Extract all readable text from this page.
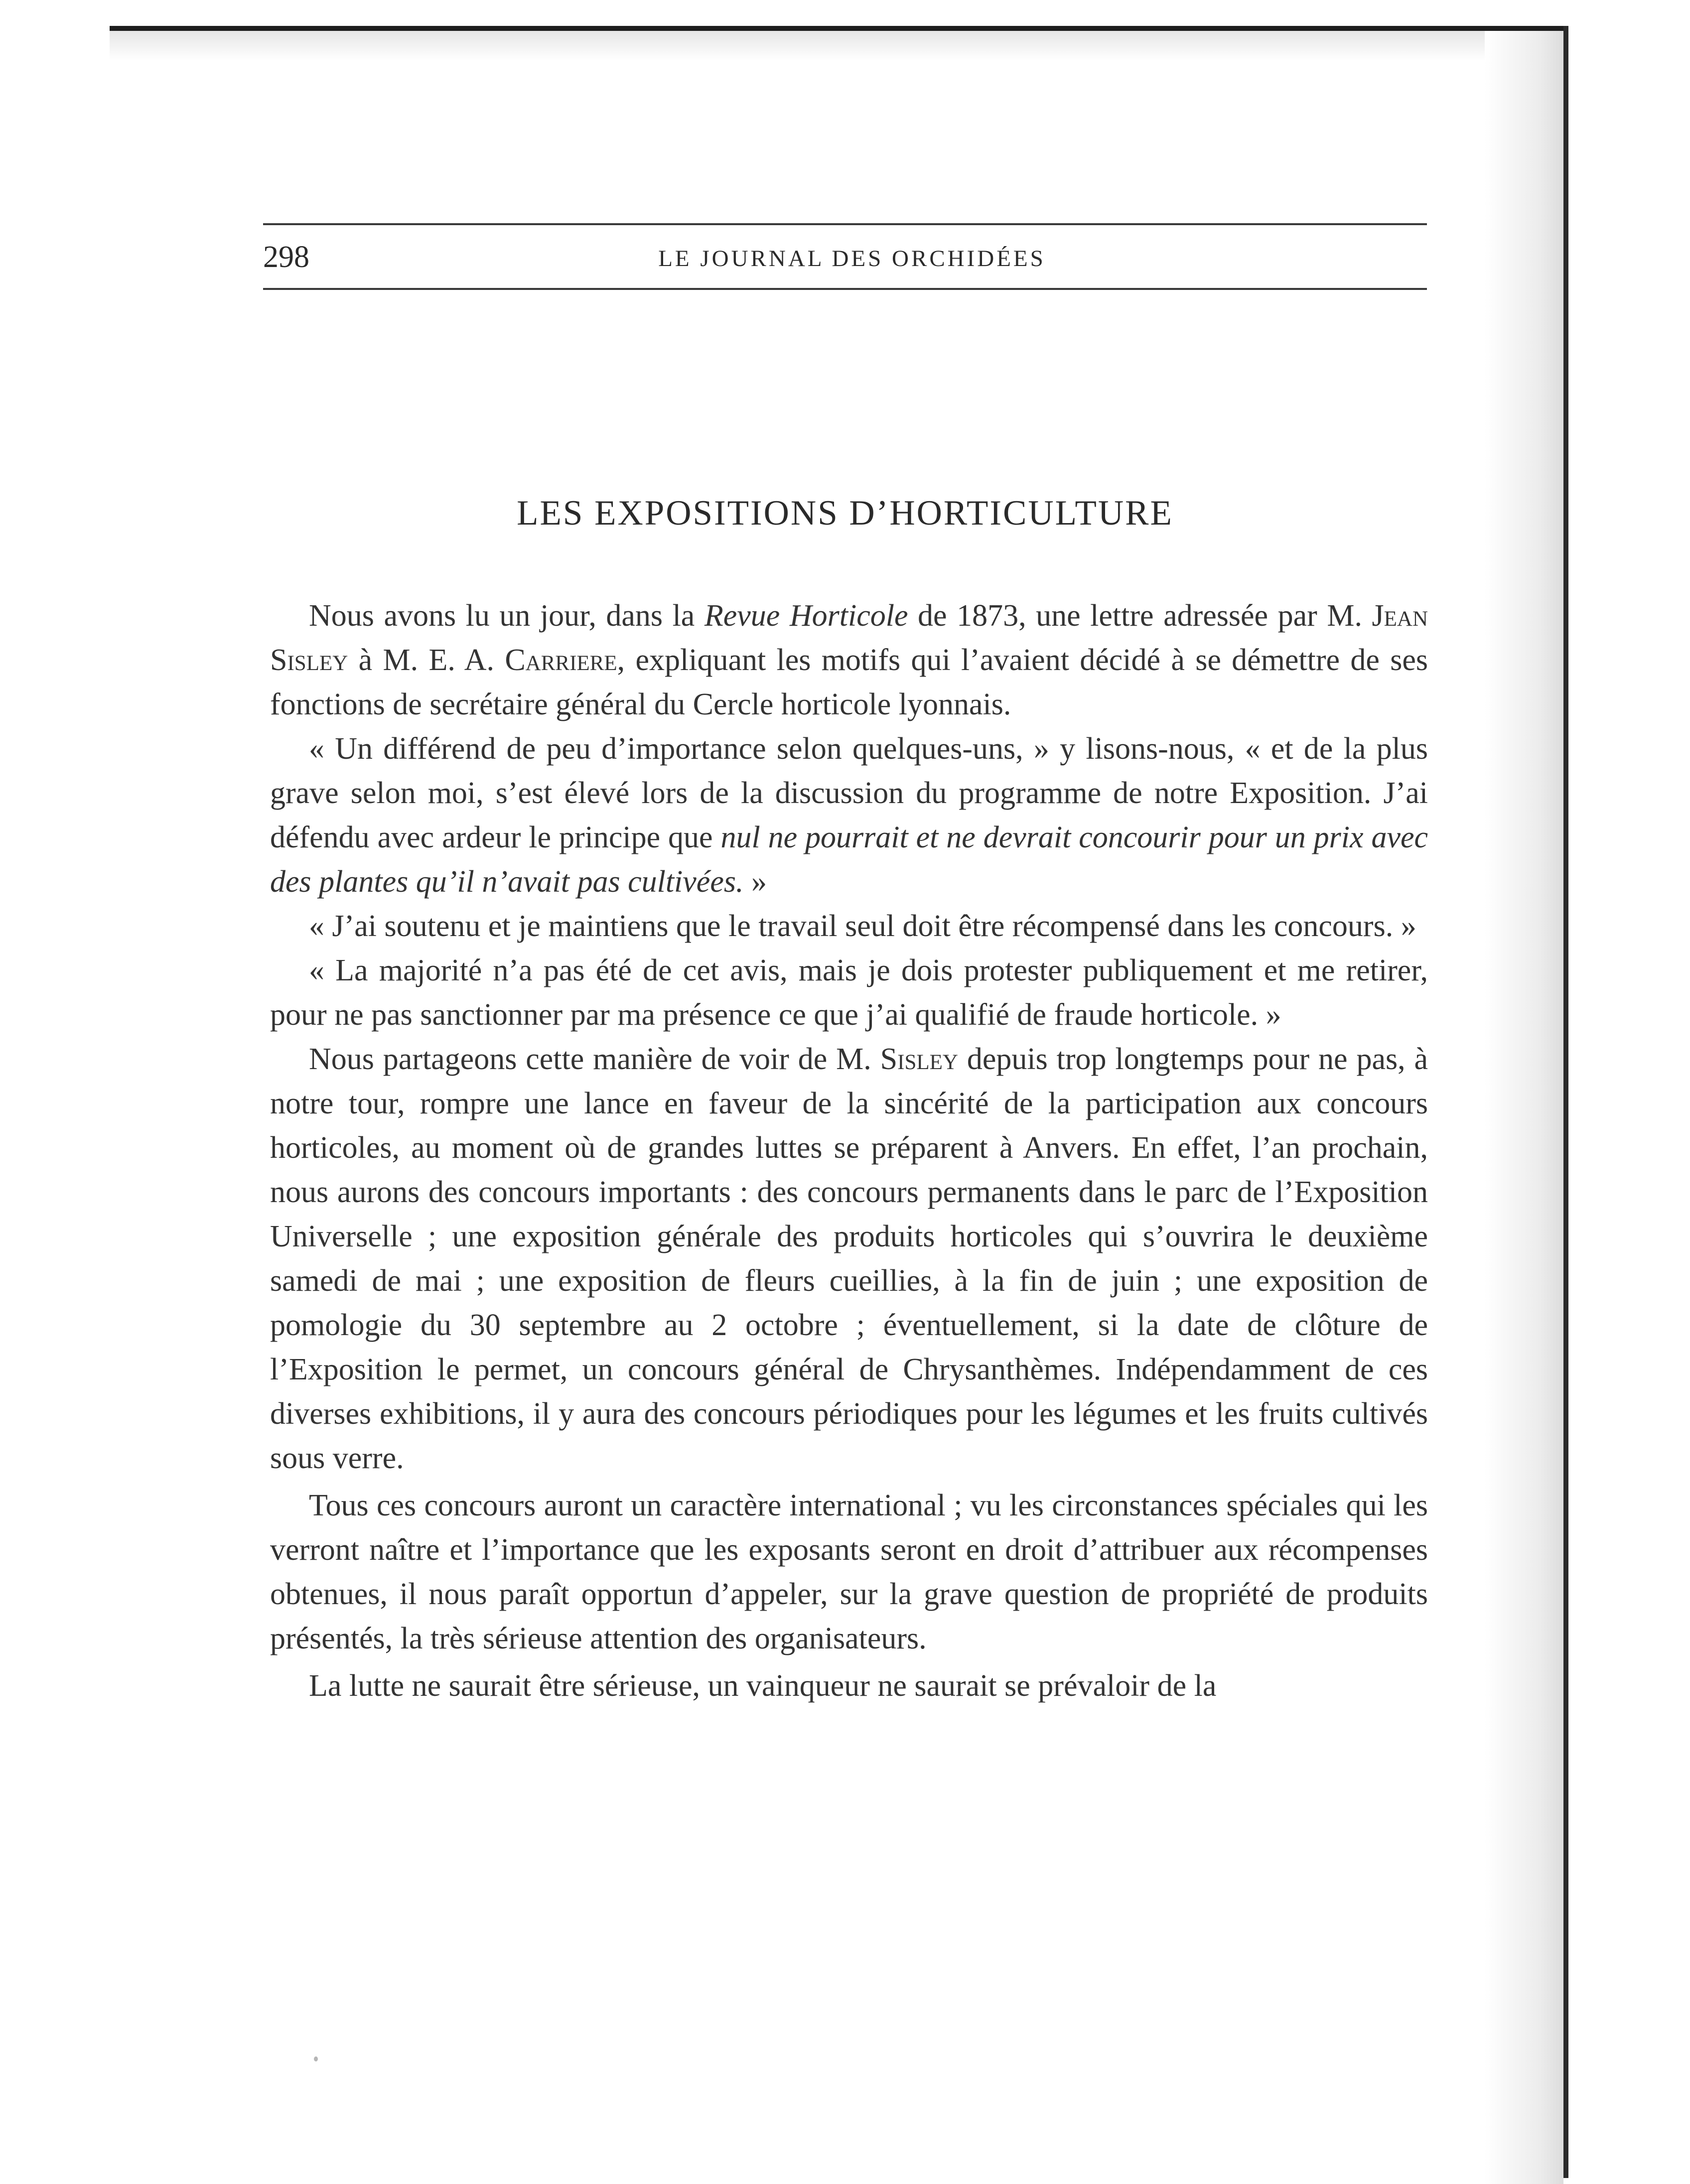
298	LE JOURNAL DES ORCHIDÉES
LES EXPOSITIONS D’HORTICULTURE

Nous avons lu un jour, dans la Revue Horticole de 1873, une lettre adressée par M. Jean Sisley à M. E. A. Carriere, expliquant les motifs qui l’avaient décidé à se démettre de ses fonctions de secrétaire général du Cercle horticole lyonnais.

« Un différend de peu d’importance selon quelques-uns, » y lisons-nous, « et de la plus grave selon moi, s’est élevé lors de la discussion du programme de notre Exposition. J’ai défendu avec ardeur le principe que nul ne pourrait et ne devrait concourir pour un prix avec des plantes qu’il n’avait pas cultivées. »

« J’ai soutenu et je maintiens que le travail seul doit être récompensé dans les concours. »

« La majorité n’a pas été de cet avis, mais je dois protester publiquement et me retirer, pour ne pas sanctionner par ma présence ce que j’ai qualifié de fraude horticole. »

Nous partageons cette manière de voir de M. Sisley depuis trop longtemps pour ne pas, à notre tour, rompre une lance en faveur de la sincérité de la participation aux concours horticoles, au moment où de grandes luttes se préparent à Anvers. En effet, l’an prochain, nous aurons des concours importants : des concours permanents dans le parc de l’Exposition Universelle ; une exposition générale des produits horticoles qui s’ouvrira le deuxième samedi de mai ; une exposition de fleurs cueillies, à la fin de juin ; une exposition de pomologie du 30 septembre au 2 octobre ; éventuellement, si la date de clôture de l’Exposition le permet, un concours général de Chrysanthèmes. Indépendamment de ces diverses exhibitions, il y aura des concours périodiques pour les légumes et les fruits cultivés sous verre.

Tous ces concours auront un caractère international ; vu les circonstances spéciales qui les verront naître et l’importance que les exposants seront en droit d’attribuer aux récompenses obtenues, il nous paraît opportun d’appeler, sur la grave question de propriété de produits présentés, la très sérieuse attention des organisateurs.

La lutte ne saurait être sérieuse, un vainqueur ne saurait se prévaloir de la
